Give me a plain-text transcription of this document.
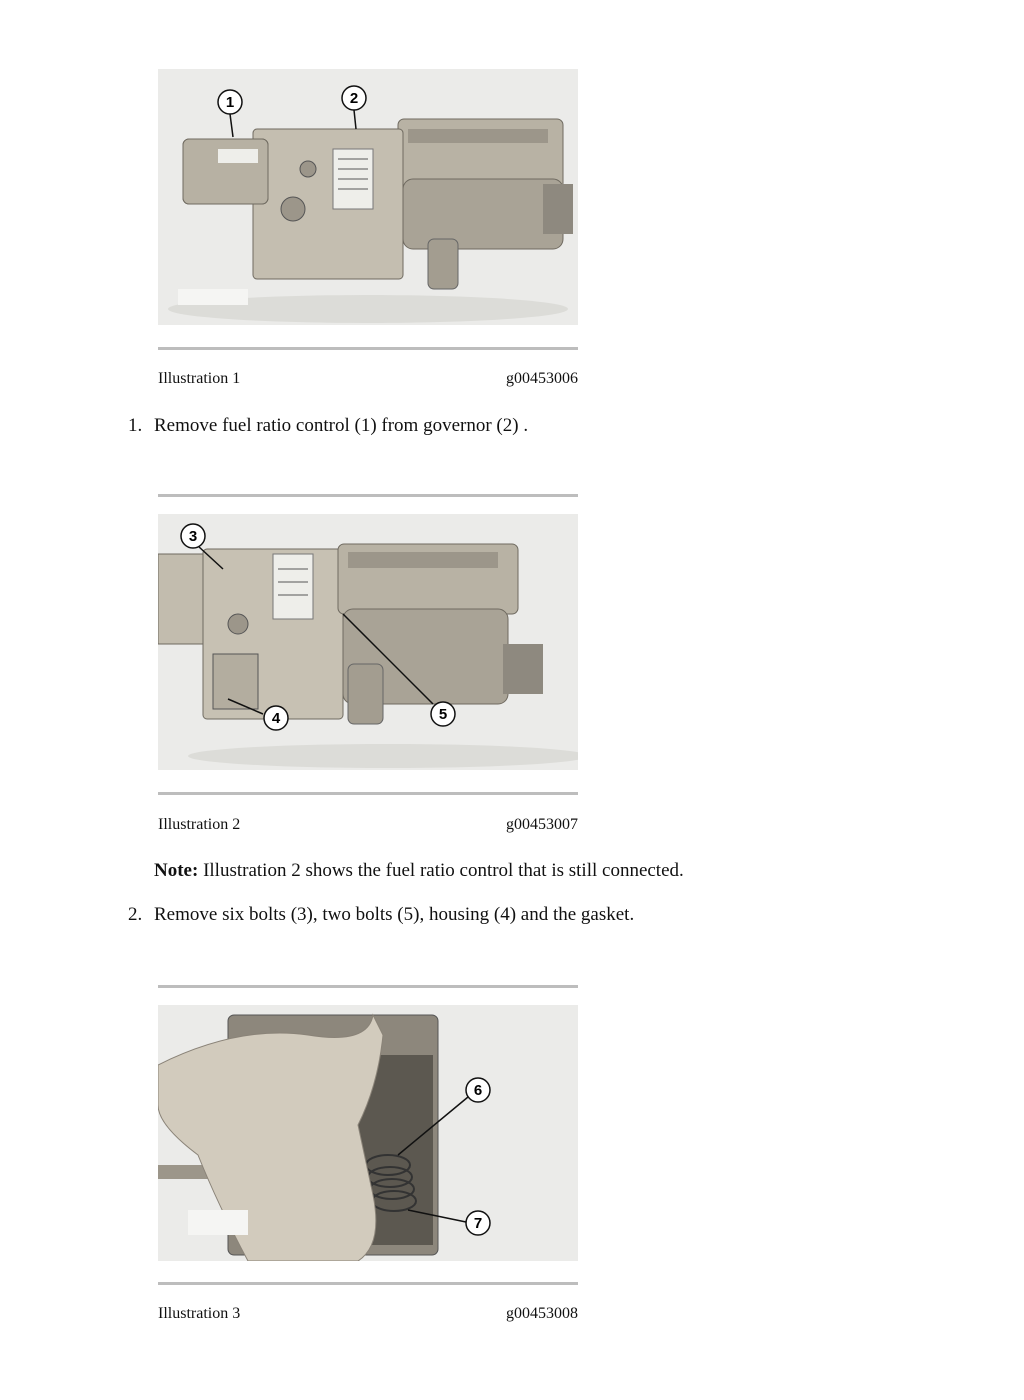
1	2
Illustration 1	g00453006
1. Remove fuel ratio control (1) from governor (2) .
3
4	5
Illustration 2	g00453007
Note: Illustration 2 shows the fuel ratio control that is still connected.
2. Remove six bolts (3), two bolts (5), housing (4) and the gasket.
6
7
Illustration 3	g00453008
